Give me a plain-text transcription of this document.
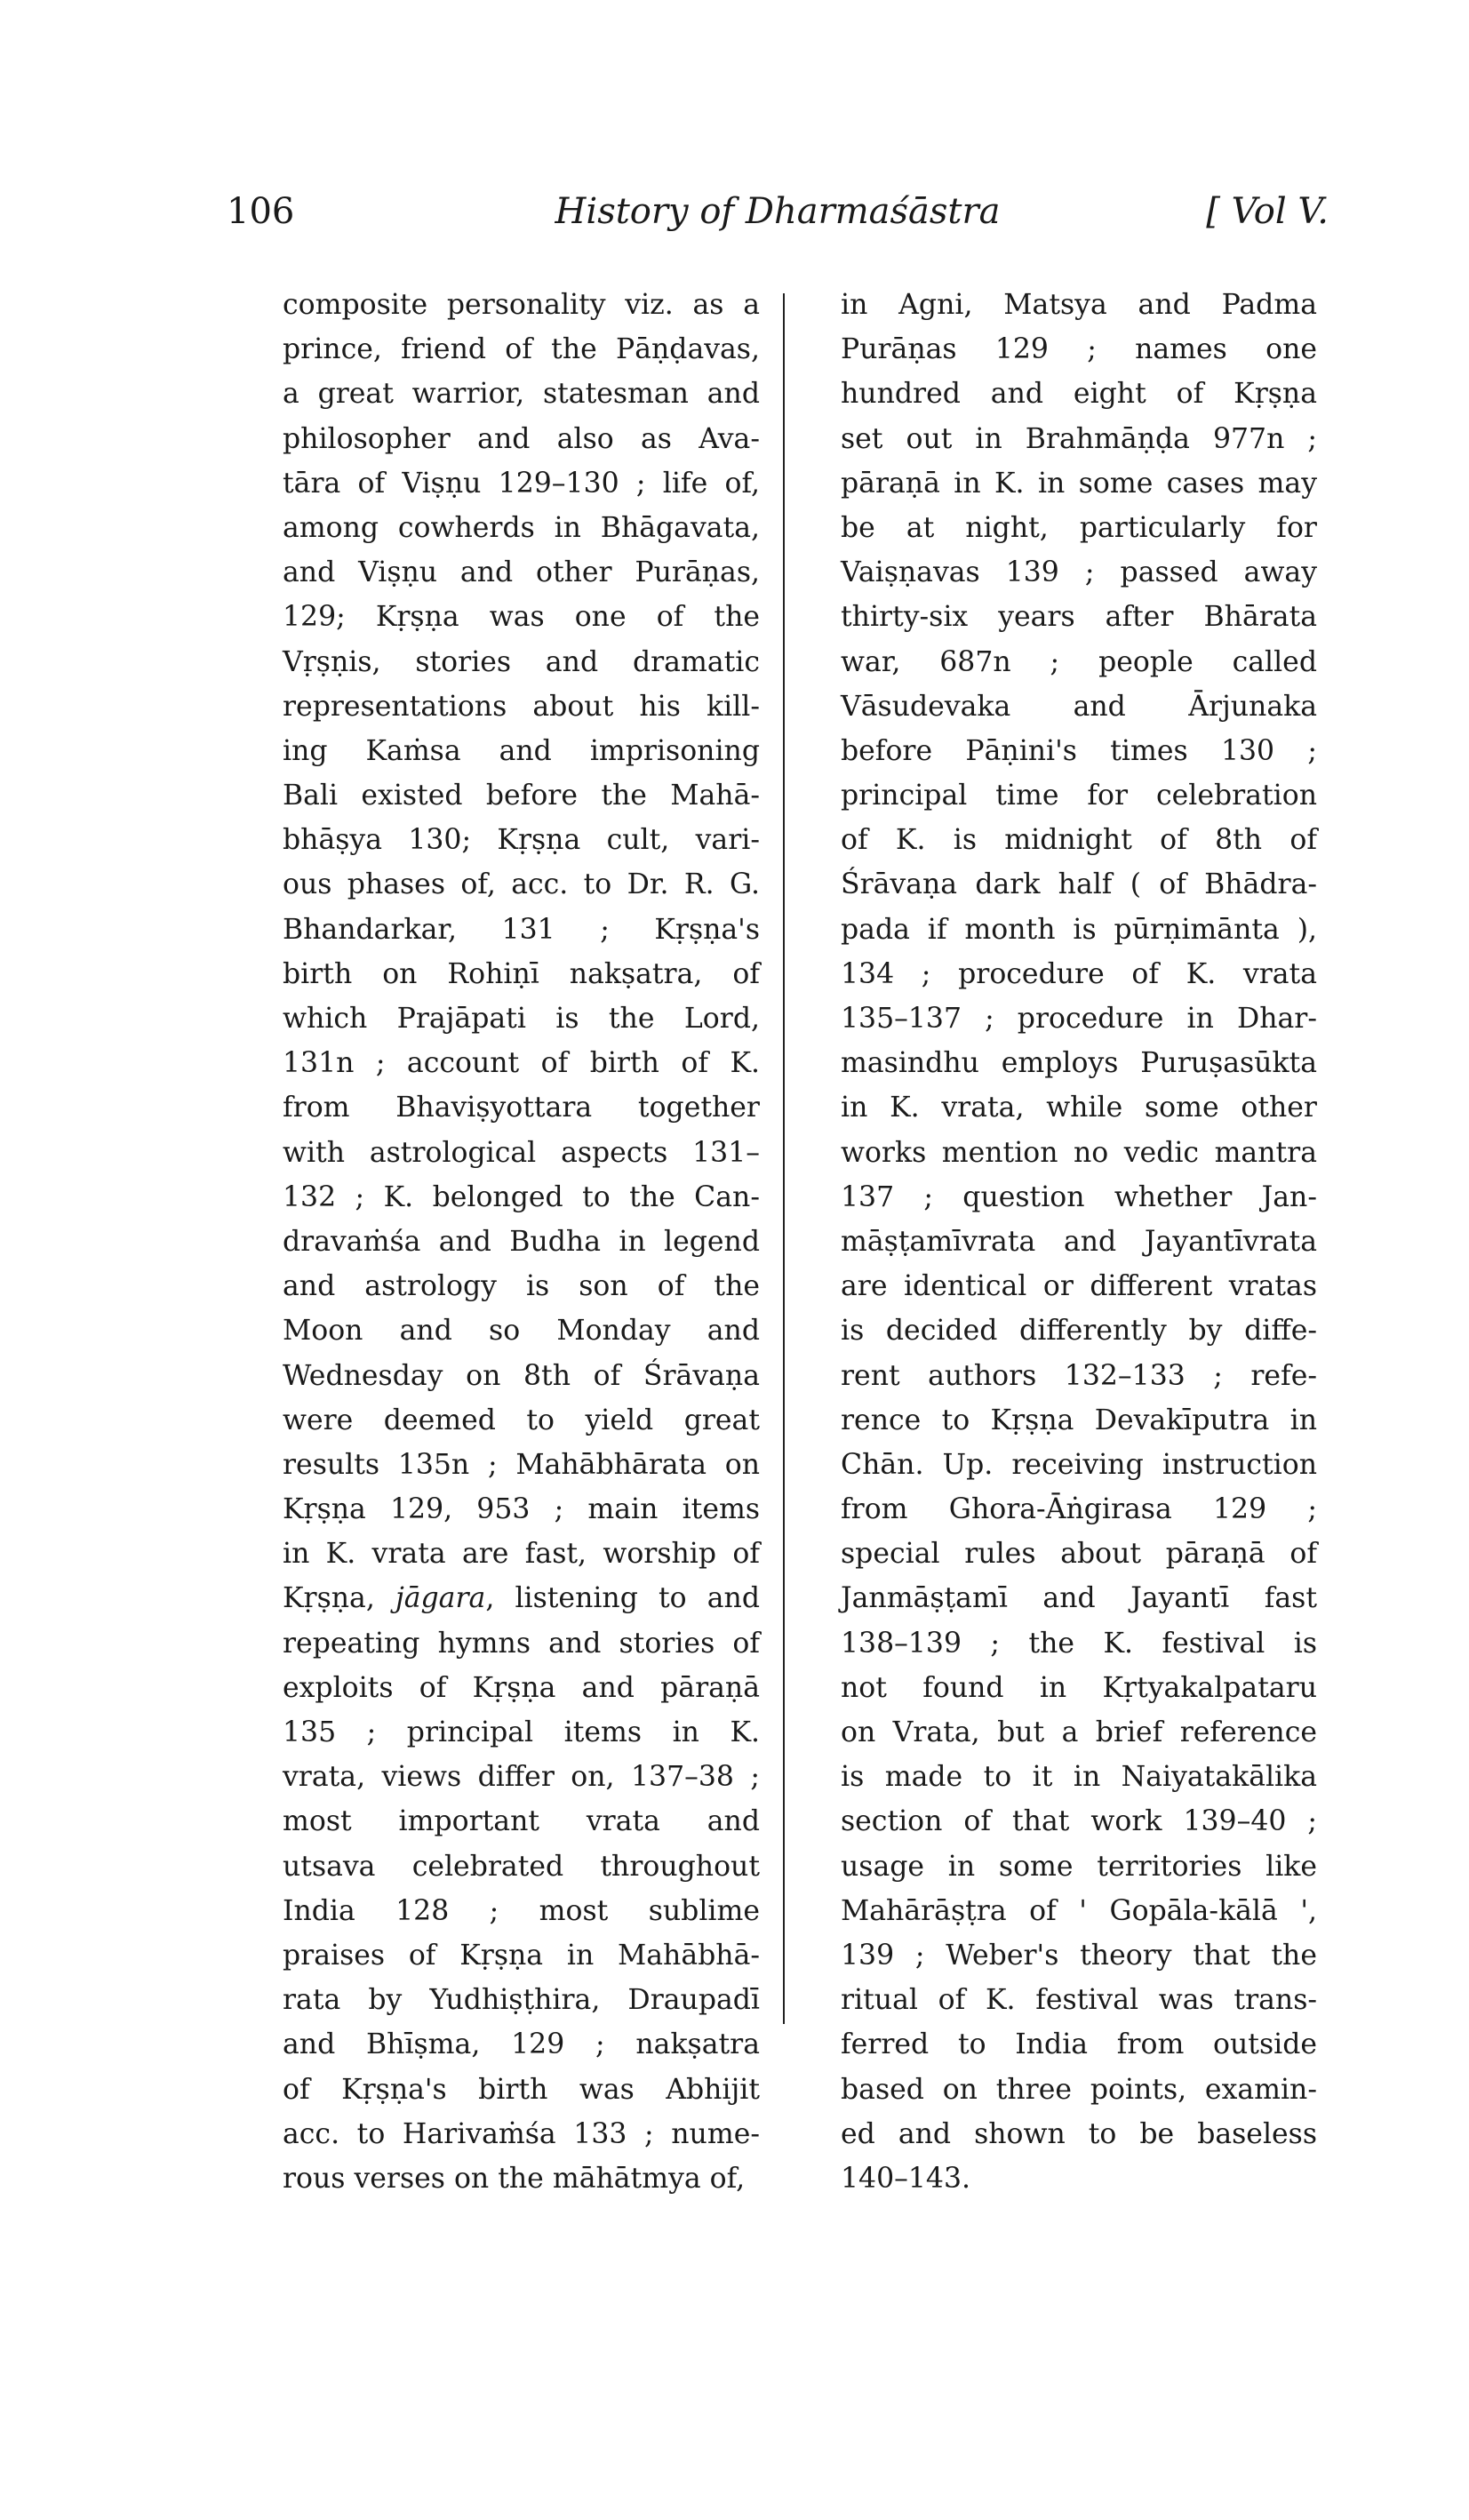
106	History of Dharmaśāstra	[ Vol V.
composite personality viz. as a
prince, friend of the Pāṇḍavas,
a great warrior, statesman and
philosopher and also as Ava-
tāra of Viṣṇu 129–130 ; life of,
among cowherds in Bhāgavata,
and Viṣṇu and other Purāṇas,
129; Kṛṣṇa was one of the
Vṛṣṇis, stories and dramatic
representations about his kill-
ing Kaṁsa and imprisoning
Bali existed before the Mahā-
bhāṣya 130; Kṛṣṇa cult, vari-
ous phases of, acc. to Dr. R. G.
Bhandarkar, 131 ; Kṛṣṇa's
birth on Rohiṇī nakṣatra, of
which Prajāpati is the Lord,
131n ; account of birth of K.
from Bhaviṣyottara together
with astrological aspects 131–
132 ; K. belonged to the Can-
dravaṁśa and Budha in legend
and astrology is son of the
Moon and so Monday and
Wednesday on 8th of Śrāvaṇa
were deemed to yield great
results 135n ; Mahābhārata on
Kṛṣṇa 129, 953 ; main items
in K. vrata are fast, worship of
Kṛṣṇa, jāgara, listening to and
repeating hymns and stories of
exploits of Kṛṣṇa and pāraṇā
135 ; principal items in K.
vrata, views differ on, 137–38 ;
most important vrata and
utsava celebrated throughout
India 128 ; most sublime
praises of Kṛṣṇa in Mahābhā-
rata by Yudhiṣṭhira, Draupadī
and Bhīṣma, 129 ; nakṣatra
of Kṛṣṇa's birth was Abhijit
acc. to Harivaṁśa 133 ; nume-
rous verses on the māhātmya of,
in Agni, Matsya and Padma
Purāṇas 129 ; names one
hundred and eight of Kṛṣṇa
set out in Brahmāṇḍa 977n ;
pāraṇā in K. in some cases may
be at night, particularly for
Vaiṣṇavas 139 ; passed away
thirty-six years after Bhārata
war, 687n ; people called
Vāsudevaka and Ārjunaka
before Pāṇini's times 130 ;
principal time for celebration
of K. is midnight of 8th of
Śrāvaṇa dark half ( of Bhādra-
pada if month is pūrṇimānta ),
134 ; procedure of K. vrata
135–137 ; procedure in Dhar-
masindhu employs Puruṣasūkta
in K. vrata, while some other
works mention no vedic mantra
137 ; question whether Jan-
māṣṭamīvrata and Jayantīvrata
are identical or different vratas
is decided differently by diffe-
rent authors 132–133 ; refe-
rence to Kṛṣṇa Devakīputra in
Chān. Up. receiving instruction
from Ghora-Āṅgirasa 129 ;
special rules about pāraṇā of
Janmāṣṭamī and Jayantī fast
138–139 ; the K. festival is
not found in Kṛtyakalpataru
on Vrata, but a brief reference
is made to it in Naiyatakālika
section of that work 139–40 ;
usage in some territories like
Mahārāṣṭra of ' Gopāla-kālā ',
139 ; Weber's theory that the
ritual of K. festival was trans-
ferred to India from outside
based on three points, examin-
ed and shown to be baseless
140–143.
